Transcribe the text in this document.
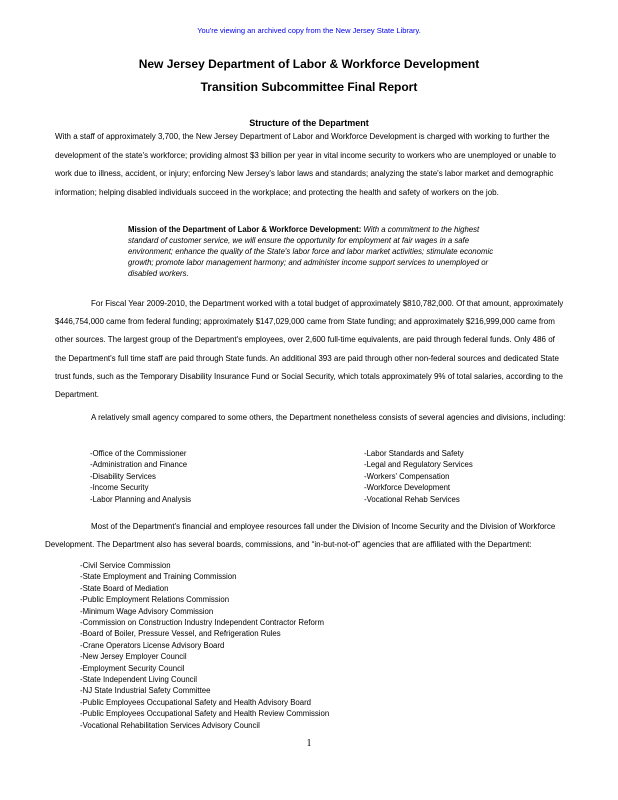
You're viewing an archived copy from the New Jersey State Library.
New Jersey Department of Labor & Workforce Development
Transition Subcommittee Final Report
Structure of the Department

With a staff of approximately 3,700, the New Jersey Department of Labor and Workforce Development is charged with working to further the development of the state's workforce; providing almost $3 billion per year in vital income security to workers who are unemployed or unable to work due to illness, accident, or injury; enforcing New Jersey's labor laws and standards; analyzing the state's labor market and demographic information; helping disabled individuals succeed in the workplace; and protecting the health and safety of workers on the job.

Mission of the Department of Labor & Workforce Development: With a commitment to the highest standard of customer service, we will ensure the opportunity for employment at fair wages in a safe environment; enhance the quality of the State's labor force and labor market activities; stimulate economic growth; promote labor management harmony; and administer income support services to unemployed or disabled workers.

For Fiscal Year 2009-2010, the Department worked with a total budget of approximately $810,782,000. Of that amount, approximately $446,754,000 came from federal funding; approximately $147,029,000 came from State funding; and approximately $216,999,000 came from other sources. The largest group of the Department's employees, over 2,600 full-time equivalents, are paid through federal funds. Only 486 of the Department's full time staff are paid through State funds. An additional 393 are paid through other non-federal sources and dedicated State trust funds, such as the Temporary Disability Insurance Fund or Social Security, which totals approximately 9% of total salaries, according to the Department.

A relatively small agency compared to some others, the Department nonetheless consists of several agencies and divisions, including:

-Office of the Commissioner
-Administration and Finance
-Disability Services
-Income Security
-Labor Planning and Analysis
-Labor Standards and Safety
-Legal and Regulatory Services
-Workers' Compensation
-Workforce Development
-Vocational Rehab Services

Most of the Department's financial and employee resources fall under the Division of Income Security and the Division of Workforce Development. The Department also has several boards, commissions, and “in-but-not-of” agencies that are affiliated with the Department:

-Civil Service Commission
-State Employment and Training Commission
-State Board of Mediation
-Public Employment Relations Commission
-Minimum Wage Advisory Commission
-Commission on Construction Industry Independent Contractor Reform
-Board of Boiler, Pressure Vessel, and Refrigeration Rules
-Crane Operators License Advisory Board
-New Jersey Employer Council
-Employment Security Council
-State Independent Living Council
-NJ State Industrial Safety Committee
-Public Employees Occupational Safety and Health Advisory Board
-Public Employees Occupational Safety and Health Review Commission
-Vocational Rehabilitation Services Advisory Council
1
